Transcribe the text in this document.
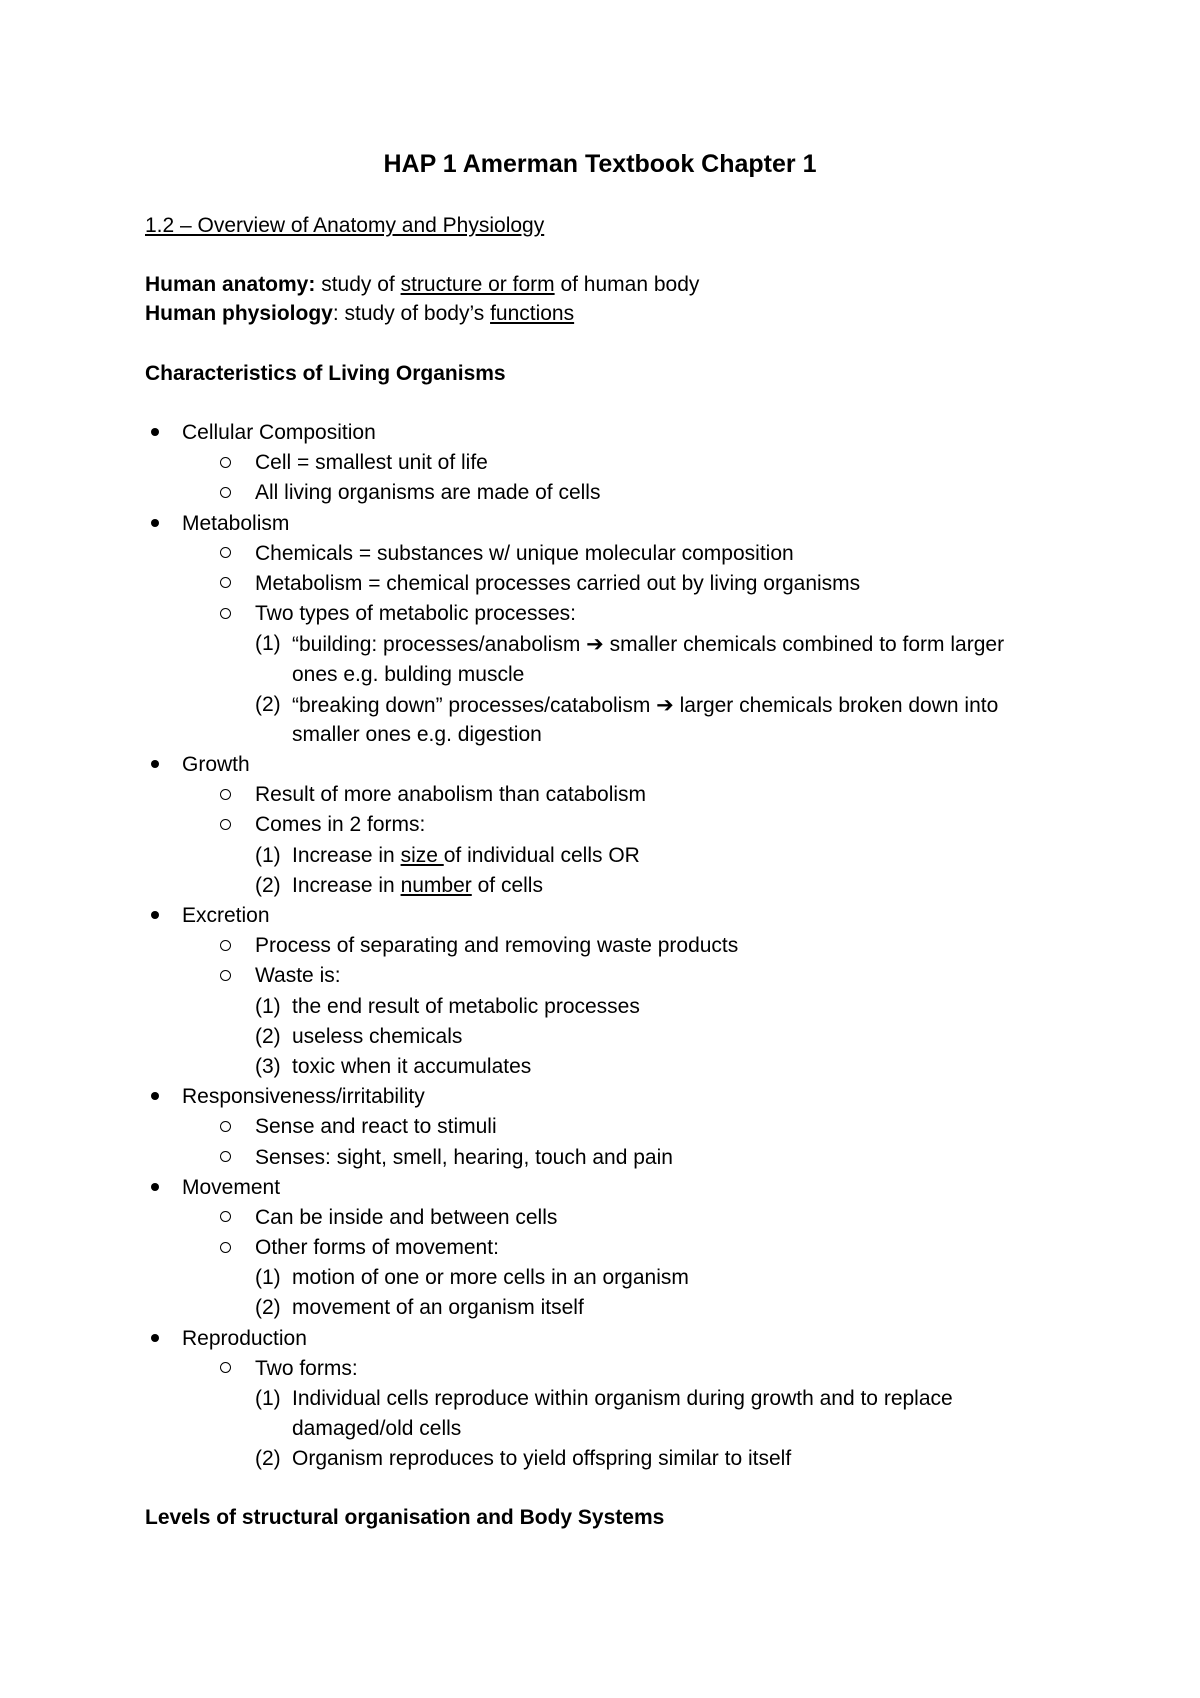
HAP 1 Amerman Textbook Chapter 1
1.2 – Overview of Anatomy and Physiology
Human anatomy: study of structure or form of human body
Human physiology: study of body’s functions
Characteristics of Living Organisms
Cellular Composition
Cell = smallest unit of life
All living organisms are made of cells
Metabolism
Chemicals = substances w/ unique molecular composition
Metabolism = chemical processes carried out by living organisms
Two types of metabolic processes:
(1) “building: processes/anabolism ➔ smaller chemicals combined to form larger
ones e.g. bulding muscle
(2) “breaking down” processes/catabolism ➔ larger chemicals broken down into
smaller ones e.g. digestion
Growth
Result of more anabolism than catabolism
Comes in 2 forms:
(1) Increase in size of individual cells OR
(2) Increase in number of cells
Excretion
Process of separating and removing waste products
Waste is:
(1) the end result of metabolic processes
(2) useless chemicals
(3) toxic when it accumulates
Responsiveness/irritability
Sense and react to stimuli
Senses: sight, smell, hearing, touch and pain
Movement
Can be inside and between cells
Other forms of movement:
(1) motion of one or more cells in an organism
(2) movement of an organism itself
Reproduction
Two forms:
(1) Individual cells reproduce within organism during growth and to replace
damaged/old cells
(2) Organism reproduces to yield offspring similar to itself
Levels of structural organisation and Body Systems
